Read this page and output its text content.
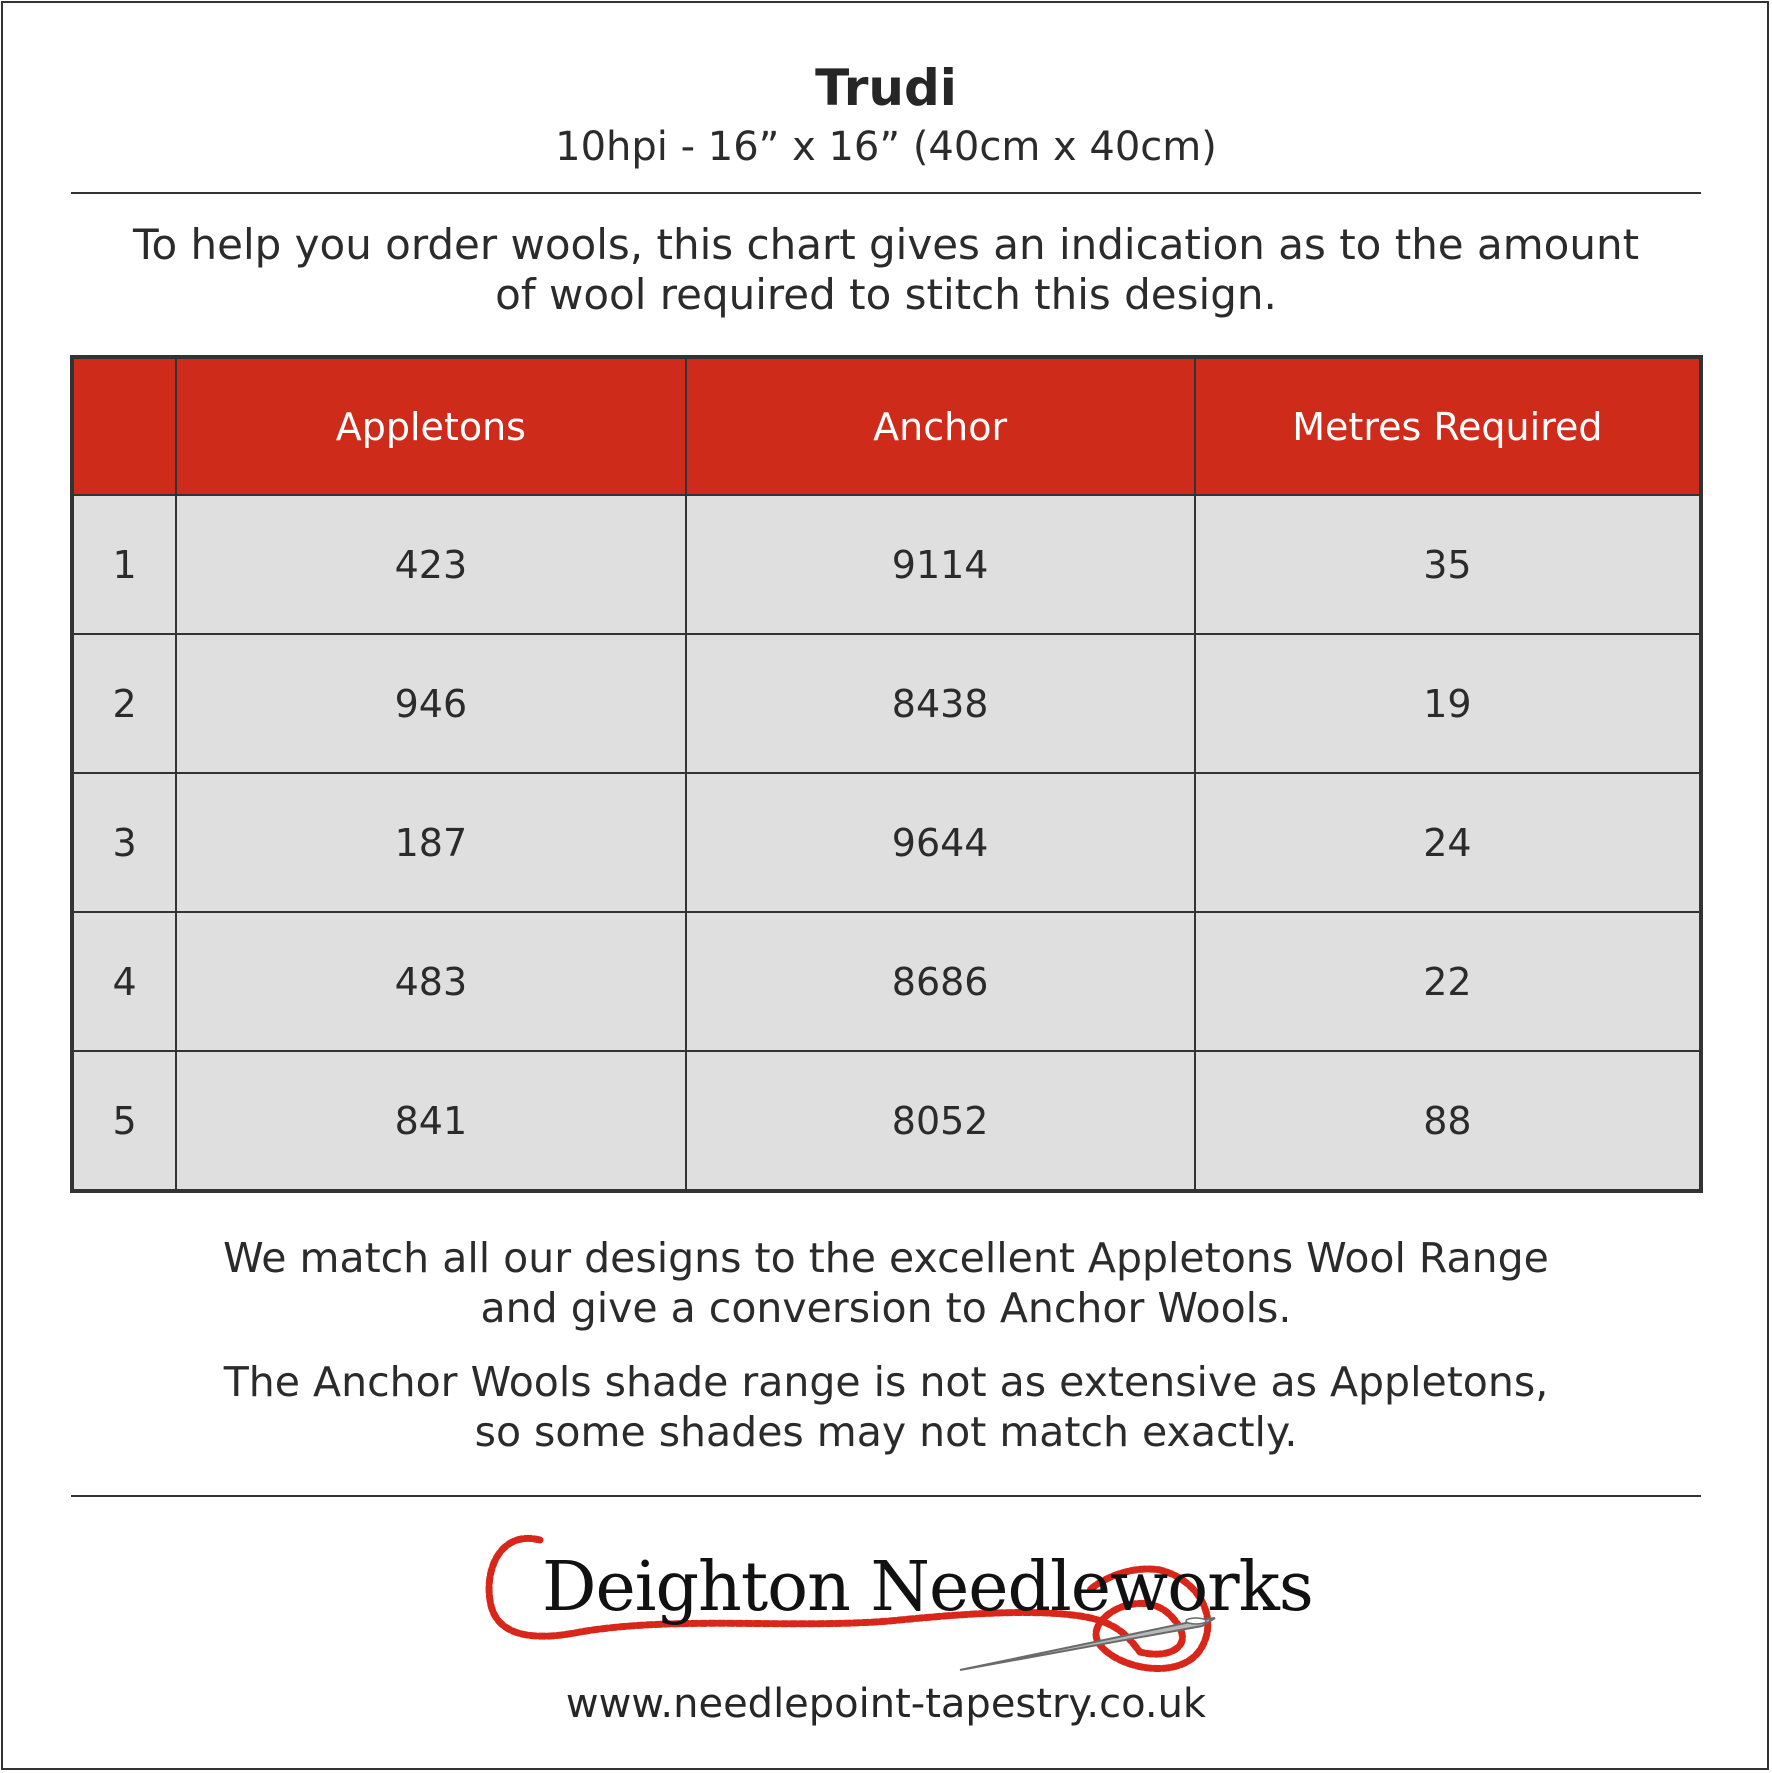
Trudi
10hpi - 16” x 16” (40cm x 40cm)
To help you order wools, this chart gives an indication as to the amount
of wool required to stitch this design.
	Appletons	Anchor	Metres Required
1	423	9114	35
2	946	8438	19
3	187	9644	24
4	483	8686	22
5	841	8052	88

We match all our designs to the excellent Appletons Wool Range
and give a conversion to Anchor Wools.

The Anchor Wools shade range is not as extensive as Appletons,
so some shades may not match exactly.

Deighton Needleworks
www.needlepoint-tapestry.co.uk
